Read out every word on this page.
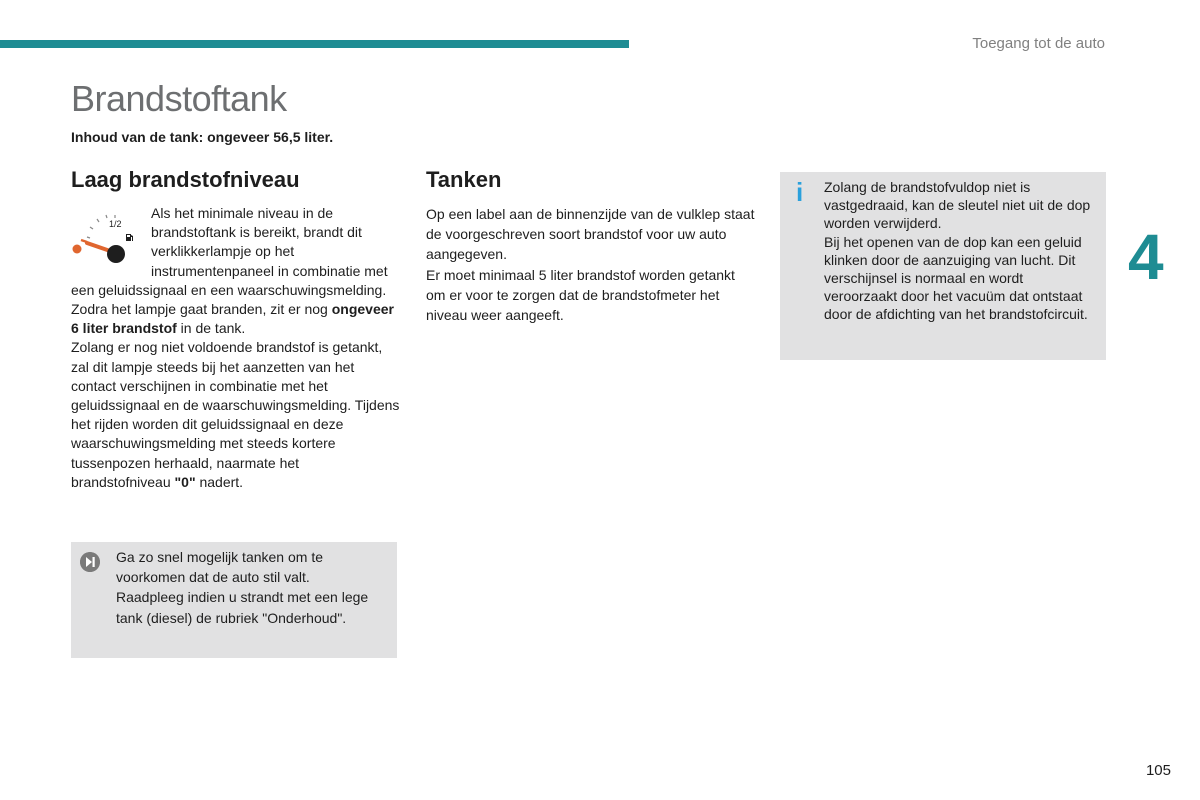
Toegang tot de auto
Brandstoftank
Inhoud van de tank: ongeveer 56,5 liter.
Laag brandstofniveau
1/2
Als het minimale niveau in de brandstoftank is bereikt, brandt dit verklikkerlampje op het instrumentenpaneel in combinatie met een geluidssignaal en een waarschuwingsmelding. Zodra het lampje gaat branden, zit er nog ongeveer 6 liter brandstof in de tank.
Zolang er nog niet voldoende brandstof is getankt, zal dit lampje steeds bij het aanzetten van het contact verschijnen in combinatie met het geluidssignaal en de waarschuwingsmelding. Tijdens het rijden worden dit geluidssignaal en deze waarschuwingsmelding met steeds kortere tussenpozen herhaald, naarmate het brandstofniveau "0" nadert.
Ga zo snel mogelijk tanken om te voorkomen dat de auto stil valt. Raadpleeg indien u strandt met een lege tank (diesel) de rubriek "Onderhoud".
Tanken
Op een label aan de binnenzijde van de vulklep staat de voorgeschreven soort brandstof voor uw auto aangegeven.
Er moet minimaal 5 liter brandstof worden getankt om er voor te zorgen dat de brandstofmeter het niveau weer aangeeft.
i Zolang de brandstofvuldop niet is vastgedraaid, kan de sleutel niet uit de dop worden verwijderd.
Bij het openen van de dop kan een geluid klinken door de aanzuiging van lucht. Dit verschijnsel is normaal en wordt veroorzaakt door het vacuüm dat ontstaat door de afdichting van het brandstofcircuit.
4
105
